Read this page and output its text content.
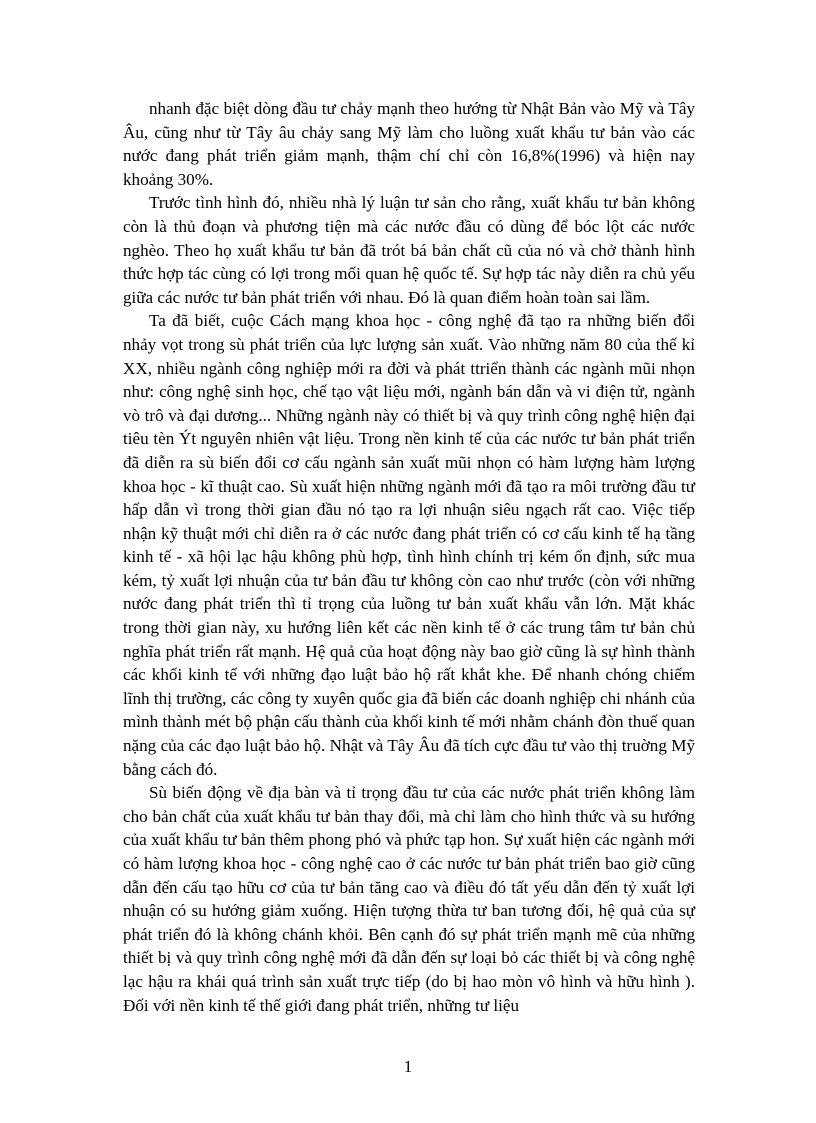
nhanh đặc biệt dòng đầu tư chảy mạnh theo hướng từ Nhật Bản vào Mỹ và Tây Âu, cũng như từ Tây âu chảy sang Mỹ làm cho luồng xuất khẩu tư bản vào các nước đang phát triển giảm mạnh, thậm chí chỉ còn 16,8%(1996) và hiện nay khoảng 30%.

Trước tình hình đó, nhiều nhà lý luận tư sản cho rằng, xuất khẩu tư bản không còn là thủ đoạn và phương tiện mà các nước đầu có dùng để bóc lột các nước nghèo. Theo họ xuất khẩu tư bản đã trót bá bản chất cũ của nó và chở thành hình thức hợp tác cùng có lợi trong mối quan hệ quốc tế. Sự hợp tác này diễn ra chủ yếu giữa các nước tư bản phát triển với nhau. Đó là quan điểm hoàn toàn sai lầm.

Ta đã biết, cuộc Cách mạng khoa học - công nghệ đã tạo ra những biến đổi nhảy vọt trong sù phát triển của lực lượng sản xuất. Vào những năm 80 của thế kỉ XX, nhiều ngành công nghiệp mới ra đời và phát ttriển thành các ngành mũi nhọn như: công nghệ sinh học, chế tạo vật liệu mới, ngành bán dẫn và vi điện tử, ngành vò trô và đại dương... Những ngành này có thiết bị và quy trình công nghệ hiện đại tiêu tèn Ýt nguyên nhiên vật liệu. Trong nền kinh tế của các nước tư bản phát triển đã diễn ra sù biến đổi cơ cấu ngành sản xuất mũi nhọn có hàm lượng hàm lượng khoa học - kĩ thuật cao. Sù xuất hiện những ngành mới đã tạo ra môi trường đầu tư hấp dẫn vì trong thời gian đầu nó tạo ra lợi nhuận siêu ngạch rất cao. Việc tiếp nhận kỹ thuật mới chỉ diễn ra ở các nước đang phát triển có cơ cấu kinh tế hạ tầng kinh tế - xã hội lạc hậu không phù hợp, tình hình chính trị kém ổn định, sức mua kém, tỷ xuất lợi nhuận của tư bản đầu tư không còn cao như trước (còn với những nước đang phát triển thì tỉ trọng của luồng tư bản xuất khẩu vẫn lớn. Mặt khác trong thời gian này, xu hướng liên kết các nền kinh tế ở các trung tâm tư bản chủ nghĩa phát triển rất mạnh. Hệ quả của hoạt động này bao giờ cũng là sự hình thành các khối kinh tế với những đạo luật bảo hộ rất khắt khe. Để nhanh chóng chiếm lĩnh thị trường, các công ty xuyên quốc gia đã biến các doanh nghiệp chi nhánh của mình thành mét bộ phận cấu thành của khối kinh tế mới nhằm chánh đòn thuế quan nặng của các đạo luật bảo hộ. Nhật và Tây Âu đã tích cực đầu tư vào thị truờng Mỹ bằng cách đó.

Sù biến động về địa bàn và tỉ trọng đầu tư của các nước phát triển không làm cho bản chất của xuất khẩu tư bản thay đổi, mà chỉ làm cho hình thức và su hướng của xuất khẩu tư bản thêm phong phó và phức tạp hon. Sự xuất hiện các ngành mới có hàm lượng khoa học - công nghệ cao ở các nước tư bản phát triển bao giờ cũng dẫn đến cấu tạo hữu cơ của tư bản tăng cao và điều đó tất yếu dẫn đến tỷ xuất lợi nhuận có su hướng giảm xuống. Hiện tượng thừa tư ban tương đối, hệ quả của sự phát triển đó là không chánh khỏi. Bên cạnh đó sự phát triển mạnh mẽ của những thiết bị và quy trình công nghệ mới đã dẫn đến sự loại bỏ các thiết bị và công nghệ lạc hậu ra khái quá trình sản xuất trực tiếp (do bị hao mòn vô hình và hữu hình ). Đối với nền kinh tế thế giới đang phát triển, những tư liệu

1
